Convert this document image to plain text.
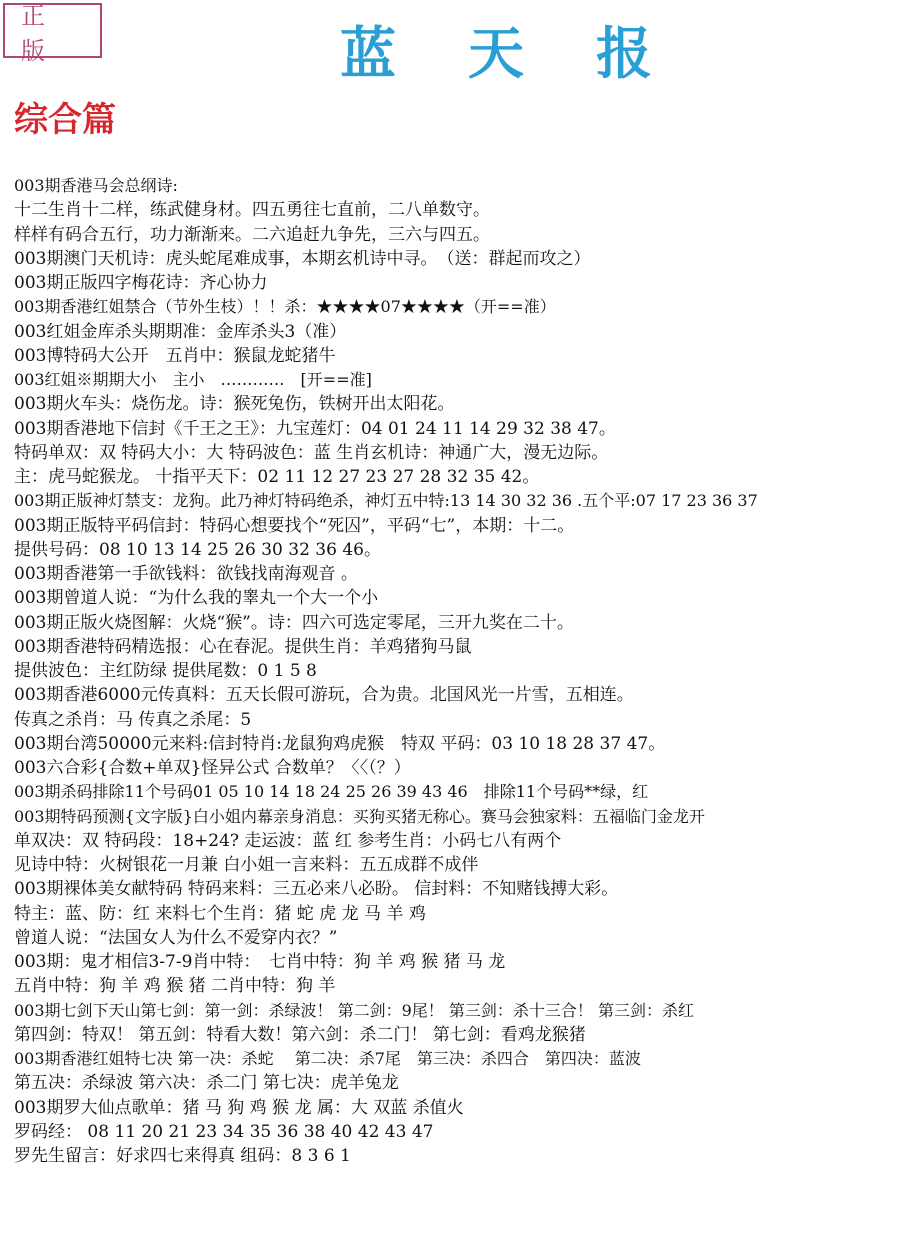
正 版	蓝天报
综合篇
003期香港马会总纲诗:
十二生肖十二样，练武健身材。四五勇往七直前，二八单数守。
样样有码合五行，功力渐渐来。二六追赶九争先，三六与四五。
003期澳门天机诗：虎头蛇尾难成事，本期玄机诗中寻。　（送：群起而攻之）
003期正版四字梅花诗：齐心协力
003期香港红姐禁合（节外生枝）！！杀：★★★★07★★★★（开==准）
003红姐金库杀头期期准：金库杀头3（准）
003博特码大公开　五肖中：猴鼠龙蛇猪牛
003红姐※期期大小　主小　…………　[开==准]
003期火车头：烧伤龙。诗：猴死兔伤，铁树开出太阳花。
003期香港地下信封《千王之王》：九宝莲灯：04 01 24 11 14 29 32 38 47。
特码单双：双 特码大小：大 特码波色：蓝 生肖玄机诗：神通广大，漫无边际。
主：虎马蛇猴龙。 十指平天下：02 11 12 27 23 27 28 32 35 42。
003期正版神灯禁支：龙狗。此乃神灯特码绝杀，神灯五中特:13 14 30 32 36 .五个平:07 17 23 36 37
003期正版特平码信封：特码心想要找个“死囚”，平码“七”，本期：十二。
提供号码：08 10 13 14 25 26 30 32 36 46。
003期香港第一手欲钱料：欲钱找南海观音 。
003期曾道人说：“为什么我的睾丸一个大一个小
003期正版火烧图解：火烧“猴”。诗：四六可选定零尾，三开九奖在二十。
003期香港特码精选报：心在春泥。提供生肖：羊鸡猪狗马鼠
提供波色：主红防绿 提供尾数：0 1 5 8
003期香港6000元传真料：五天长假可游玩，合为贵。北国风光一片雪，五相连。
传真之杀肖：马 传真之杀尾：5
003期台湾50000元来料:信封特肖:龙鼠狗鸡虎猴　特双 平码：03 10 18 28 37 47。
003六合彩{合数+单双}怪异公式 合数单？〈〈（？）
003期杀码排除11个号码01 05 10 14 18 24 25 26 39 43 46　排除11个号码**绿，红
003期特码预测{文字版}白小姐内幕亲身消息：买狗买猪无称心。赛马会独家料：五福临门金龙开
单双决：双 特码段：18+24? 走运波：蓝 红 参考生肖：小码七八有两个
见诗中特：火树银花一月兼 白小姐一言来料：五五成群不成伴
003期裸体美女献特码 特码来料：三五必来八必盼。 信封料：不知赌钱搏大彩。
特主：蓝、防：红 来料七个生肖：猪 蛇 虎 龙 马 羊 鸡
曾道人说：“法国女人为什么不爱穿内衣？”
003期：鬼才相信3-7-9肖中特：　七肖中特：狗 羊 鸡 猴 猪 马 龙
五肖中特：狗 羊 鸡 猴 猪 二肖中特：狗 羊
003期七剑下天山第七剑：第一剑：杀绿波！ 第二剑：9尾！ 第三剑：杀十三合！ 第三剑：杀红
第四剑：特双！ 第五剑：特看大数！第六剑：杀二门！ 第七剑：看鸡龙猴猪
003期香港红姐特七决 第一决：杀蛇　 第二决：杀7尾　第三决：杀四合　第四决：蓝波
第五决：杀绿波 第六决：杀二门 第七决：虎羊兔龙
003期罗大仙点歌单：猪 马 狗 鸡 猴 龙 属：大 双蓝 杀值火
罗码经： 08 11 20 21 23 34 35 36 38 40 42 43 47
罗先生留言：好求四七来得真 组码：8 3 6 1
